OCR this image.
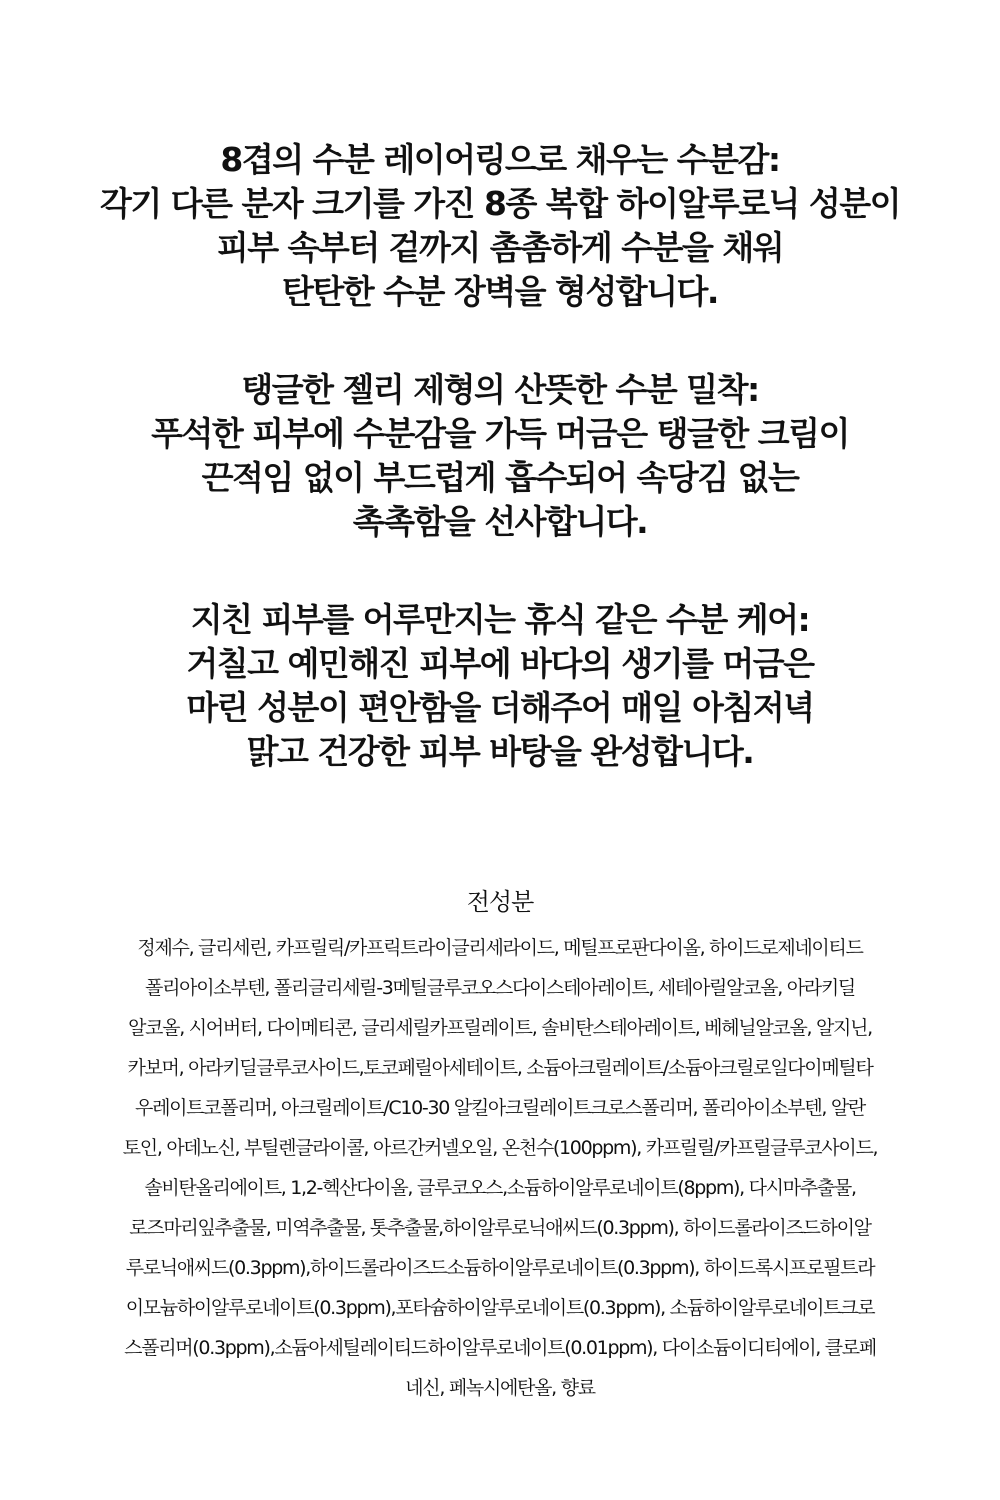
8겹의 수분 레이어링으로 채우는 수분감:
각기 다른 분자 크기를 가진 8종 복합 하이알루로닉 성분이
피부 속부터 겉까지 촘촘하게 수분을 채워
탄탄한 수분 장벽을 형성합니다.
탱글한 젤리 제형의 산뜻한 수분 밀착:
푸석한 피부에 수분감을 가득 머금은 탱글한 크림이
끈적임 없이 부드럽게 흡수되어 속당김 없는
촉촉함을 선사합니다.
지친 피부를 어루만지는 휴식 같은 수분 케어:
거칠고 예민해진 피부에 바다의 생기를 머금은
마린 성분이 편안함을 더해주어 매일 아침저녁
맑고 건강한 피부 바탕을 완성합니다.
전성분
정제수, 글리세린, 카프릴릭/카프릭트라이글리세라이드, 메틸프로판다이올, 하이드로제네이티드
폴리아이소부텐, 폴리글리세릴-3메틸글루코오스다이스테아레이트, 세테아릴알코올, 아라키딜
알코올, 시어버터, 다이메티콘, 글리세릴카프릴레이트, 솔비탄스테아레이트, 베헤닐알코올, 알지닌,
카보머, 아라키딜글루코사이드,토코페릴아세테이트, 소듐아크릴레이트/소듐아크릴로일다이메틸타
우레이트코폴리머, 아크릴레이트/C10-30 알킬아크릴레이트크로스폴리머, 폴리아이소부텐, 알란
토인, 아데노신, 부틸렌글라이콜, 아르간커넬오일, 온천수(100ppm), 카프릴릴/카프릴글루코사이드,
솔비탄올리에이트, 1,2-헥산다이올, 글루코오스,소듐하이알루로네이트(8ppm), 다시마추출물,
로즈마리잎추출물, 미역추출물, 톳추출물,하이알루로닉애씨드(0.3ppm), 하이드롤라이즈드하이알
루로닉애씨드(0.3ppm),하이드롤라이즈드소듐하이알루로네이트(0.3ppm), 하이드록시프로필트라
이모늄하이알루로네이트(0.3ppm),포타슘하이알루로네이트(0.3ppm), 소듐하이알루로네이트크로
스폴리머(0.3ppm),소듐아세틸레이티드하이알루로네이트(0.01ppm), 다이소듐이디티에이, 클로페
네신, 페녹시에탄올, 향료
